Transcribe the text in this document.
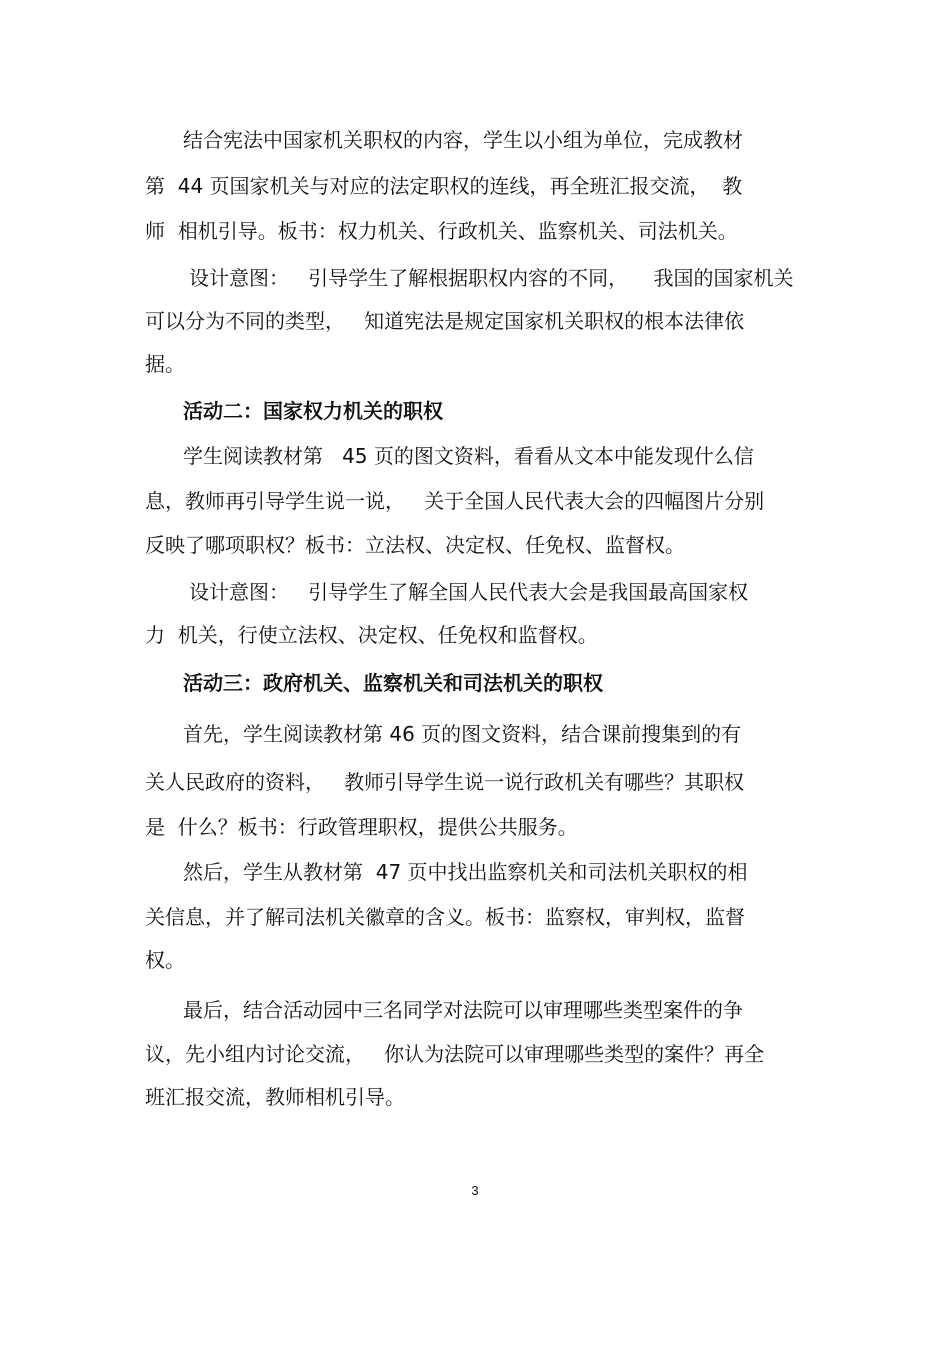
结合宪法中国家机关职权的内容，学生以小组为单位，完成教材
第  44 页国家机关与对应的法定职权的连线，再全班汇报交流，  教
师  相机引导。板书：权力机关、行政机关、监察机关、司法机关。
设计意图：   引导学生了解根据职权内容的不同，    我国的国家机关
可以分为不同的类型，   知道宪法是规定国家机关职权的根本法律依
据。
活动二：国家权力机关的职权
学生阅读教材第   45 页的图文资料，看看从文本中能发现什么信
息，教师再引导学生说一说，   关于全国人民代表大会的四幅图片分别
反映了哪项职权？板书：立法权、决定权、任免权、监督权。
设计意图：   引导学生了解全国人民代表大会是我国最高国家权
力  机关，行使立法权、决定权、任免权和监督权。
活动三：政府机关、监察机关和司法机关的职权
首先，学生阅读教材第 46 页的图文资料，结合课前搜集到的有
关人民政府的资料，   教师引导学生说一说行政机关有哪些？其职权
是  什么？板书：行政管理职权，提供公共服务。
然后，学生从教材第  47 页中找出监察机关和司法机关职权的相
关信息，并了解司法机关徽章的含义。板书：监察权，审判权，监督
权。
最后，结合活动园中三名同学对法院可以审理哪些类型案件的争
议，先小组内讨论交流，   你认为法院可以审理哪些类型的案件？再全
班汇报交流，教师相机引导。
3
